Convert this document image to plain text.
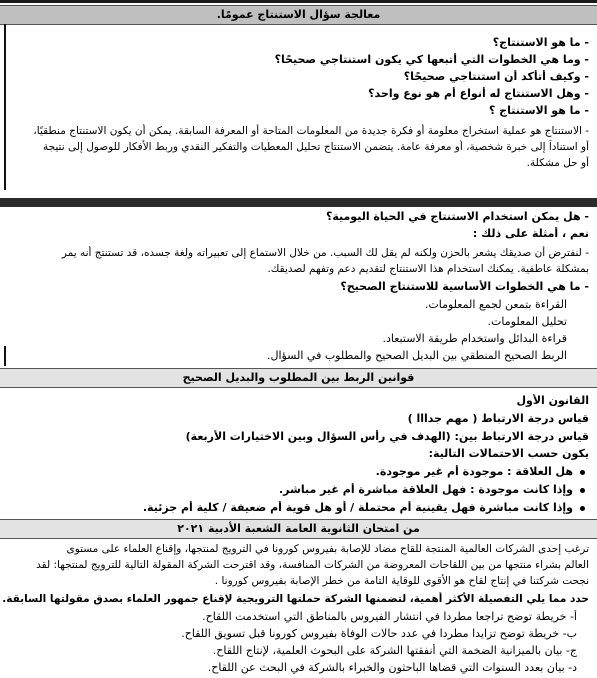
معالجة سؤال الاستنتاج عمومًا.
- ما هو الاستنتاج؟
- وما هي الخطوات التي أتبعها كي يكون استنتاجي صحيحًا؟
- وكيف أتأكد أن استنتاجي صحيحًا؟
- وهل الاستنتاج له أنواع أم هو نوع واحد؟
- ما هو الاستنتاج ؟
- الاستنتاج هو عملية استخراج معلومة أو فكرة جديدة من المعلومات المتاحة أو المعرفة السابقة. يمكن أن يكون الاستنتاج منطقيًا،
أو استناداً إلى خبرة شخصية، أو معرفة عامة. يتضمن الاستنتاج تحليل المعطيات والتفكير النقدي وربط الأفكار للوصول إلى نتيجة
أو حل مشكلة.
- هل يمكن استخدام الاستنتاج في الحياة اليومية؟
نعم ، أمثلة على ذلك :
- لنفترض أن صديقك يشعر بالحزن ولكنه لم يقل لك السبب. من خلال الاستماع إلى تعبيراته ولغة جسده، قد تستنتج أنه يمر
بمشكلة عاطفية. يمكنك استخدام هذا الاستنتاج لتقديم دعم وتفهم لصديقك.
- ما هي الخطوات الأساسية للاستنتاج الصحيح؟
القراءة بتمعن لجمع المعلومات.
تحليل المعلومات.
قراءة البدائل واستخدام طريقة الاستبعاد.
الربط الصحيح المنطقي بين البديل الصحيح والمطلوب في السؤال.
قوانين الربط بين المطلوب والبديل الصحيح
القانون الأول
قياس درجة الارتباط ( مهم جدااا )
قياس درجة الارتباط بين: (الهدف في رأس السؤال وبين الاختيارات الأربعة)
يكون حسب الاحتمالات التالية:
هل العلاقة : موجودة أم غير موجودة.
وإذا كانت موجودة : فهل العلاقة مباشرة أم غير مباشر.
وإذا كانت مباشرة فهل يقينية أم محتملة / أو هل قوية أم ضعيفة / كلية أم جزئية.
من امتحان الثانوية العامة الشعبة الأدبية ٢٠٢١
ترغب إحدى الشركات العالمية المنتجة للقاح مضاد للإصابة بفيروس كورونا في الترويج لمنتجها، وإقناع العلماء على مستوى
العالم بشراء منتجها من بين اللقاحات المعروضة من الشركات المنافسة، وقد اقترحت الشركة المقولة التالية للترويج لمنتجها: لقد
نجحت شركتنا في إنتاج لقاح هو الأقوى للوقاية التامة من خطر الإصابة بفيروس كورونا .
حدد مما يلي التفصيلة الأكثر أهمية، لتضمنها الشركة حملتها الترويجية لإقناع جمهور العلماء بصدق مقولتها السابقة.
أ- خريطة توضح تراجعا مطردا في انتشار الفيروس بالمناطق التي استخدمت اللقاح.
ب- خريطة توضح تزايدا مطردا في عدد حالات الوفاة بفيروس كورونا قبل تسويق اللقاح.
ج- بيان بالميزانية الضخمة التي أنفقتها الشركة على البحوث العلمية، لإنتاج اللقاح.
د- بيان بعدد السنوات التي قضاها الباحثون والخبراء بالشركة في البحث عن اللقاح.
